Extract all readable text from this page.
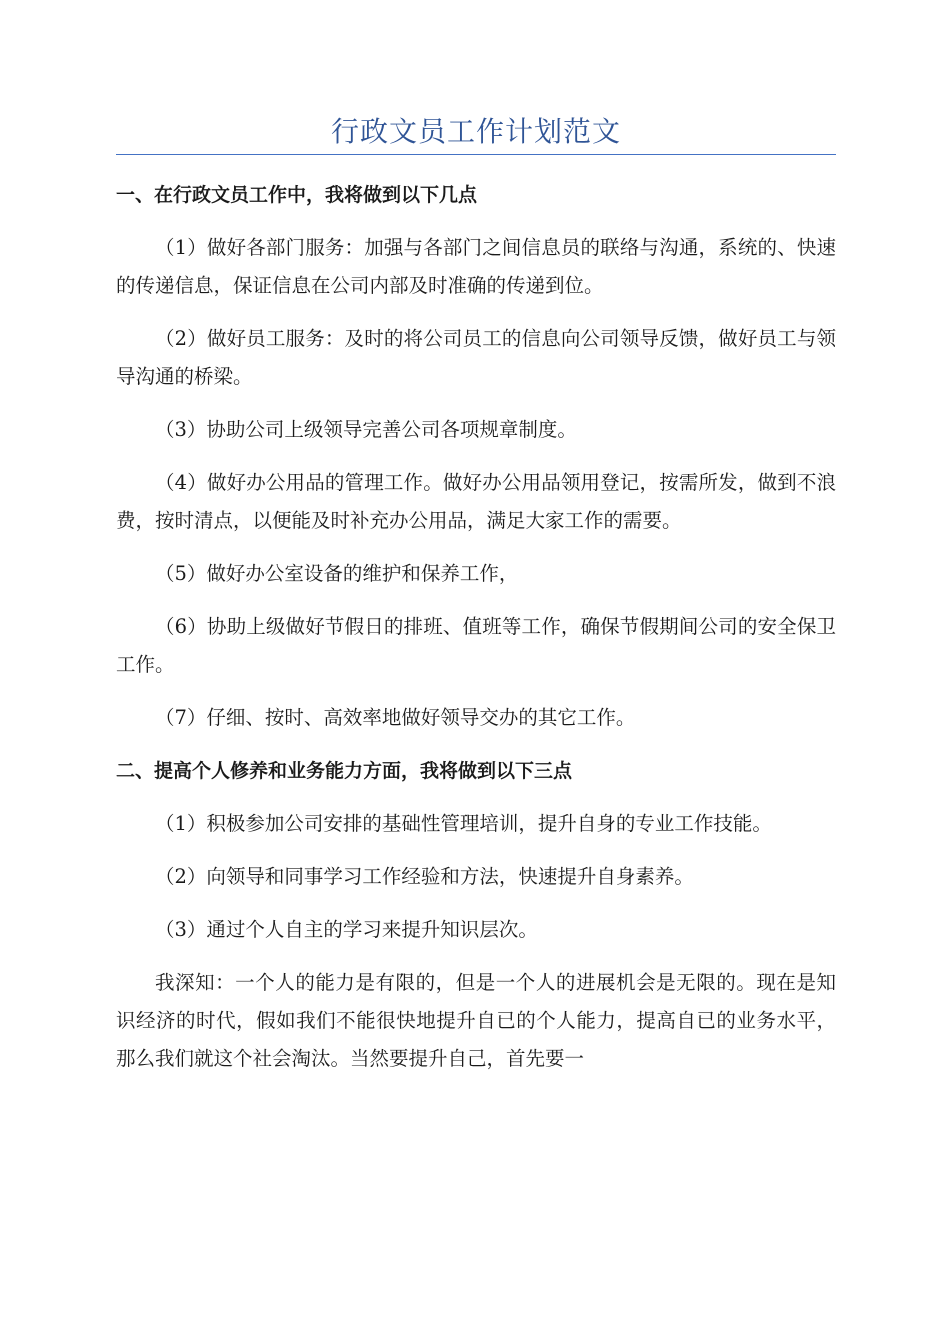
行政文员工作计划范文
一、在行政文员工作中，我将做到以下几点

（1）做好各部门服务：加强与各部门之间信息员的联络与沟通，系统的、快速的传递信息，保证信息在公司内部及时准确的传递到位。

（2）做好员工服务：及时的将公司员工的信息向公司领导反馈，做好员工与领导沟通的桥梁。

（3）协助公司上级领导完善公司各项规章制度。

（4）做好办公用品的管理工作。做好办公用品领用登记，按需所发，做到不浪费，按时清点，以便能及时补充办公用品，满足大家工作的需要。

（5）做好办公室设备的维护和保养工作，

（6）协助上级做好节假日的排班、值班等工作，确保节假期间公司的安全保卫工作。

（7）仔细、按时、高效率地做好领导交办的其它工作。

二、提高个人修养和业务能力方面，我将做到以下三点

（1）积极参加公司安排的基础性管理培训，提升自身的专业工作技能。

（2）向领导和同事学习工作经验和方法，快速提升自身素养。

（3）通过个人自主的学习来提升知识层次。

我深知：一个人的能力是有限的，但是一个人的进展机会是无限的。现在是知识经济的时代，假如我们不能很快地提升自已的个人能力，提高自已的业务水平，那么我们就这个社会淘汰。当然要提升自己，首先要一
